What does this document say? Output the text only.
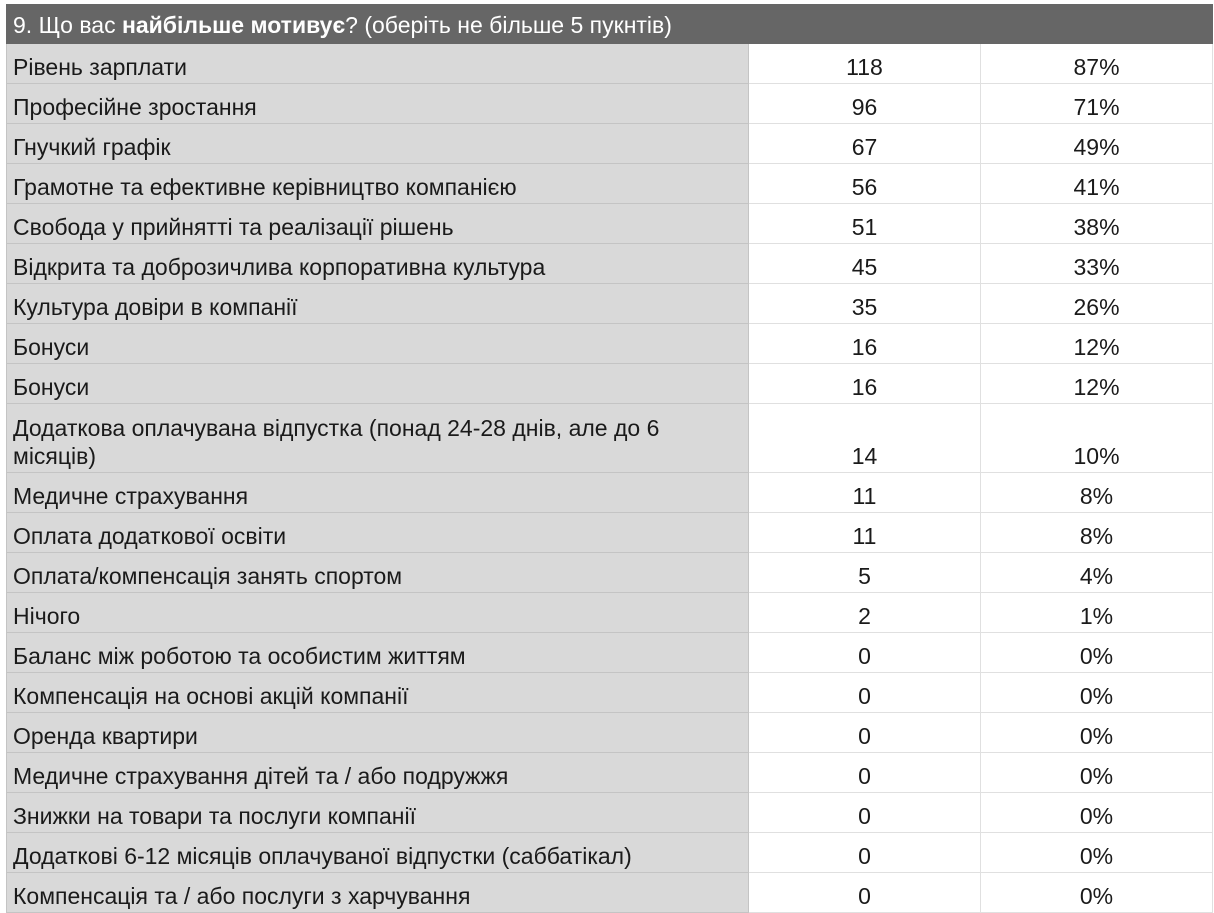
9. Що вас найбільше мотивує? (оберіть не більше 5 пукнтів)		
Рівень зарплати	118	87%
Професійне зростання	96	71%
Гнучкий графік	67	49%
Грамотне та ефективне керівництво компанією	56	41%
Свобода у прийнятті та реалізації рішень	51	38%
Відкрита та доброзичлива корпоративна культура	45	33%
Культура довіри в компанії	35	26%
Бонуси	16	12%
Бонуси	16	12%
Додаткова оплачувана відпустка (понад 24-28 днів, але до 6 місяців)	14	10%
Медичне страхування	11	8%
Оплата додаткової освіти	11	8%
Оплата/компенсація занять спортом	5	4%
Нічого	2	1%
Баланс між роботою та особистим життям	0	0%
Компенсація на основі акцій компанії	0	0%
Оренда квартири	0	0%
Медичне страхування дітей та / або подружжя	0	0%
Знижки на товари та послуги компанії	0	0%
Додаткові 6-12 місяців оплачуваної відпустки (саббатікал)	0	0%
Компенсація та / або послуги з харчування	0	0%
